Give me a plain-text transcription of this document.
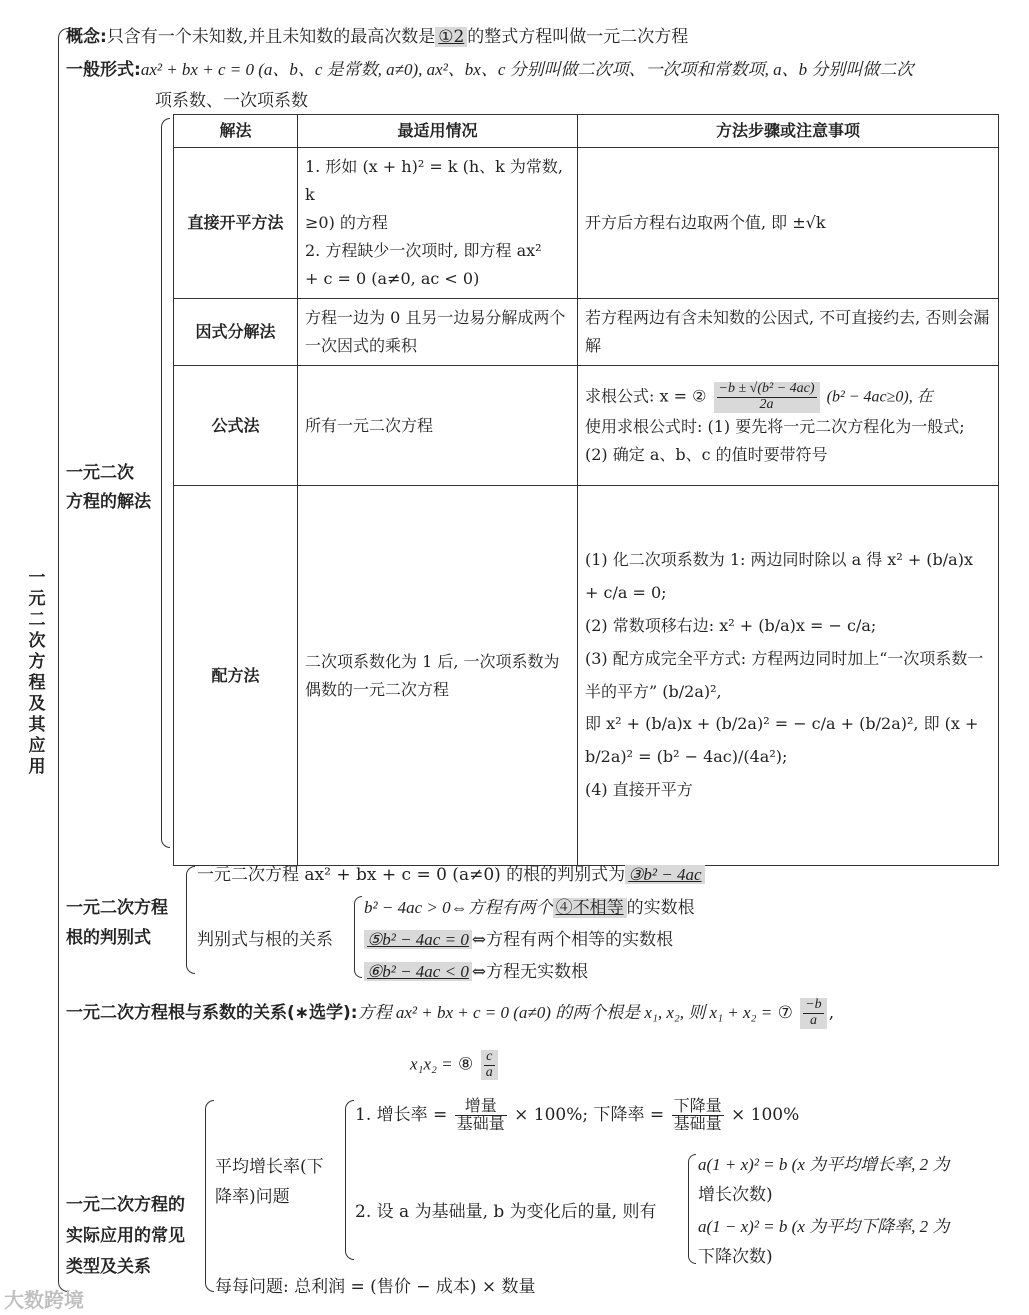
一元二次方程及其应用
概念:只含有一个未知数,并且未知数的最高次数是 ①2 的整式方程叫做一元二次方程
一般形式:ax² + bx + c = 0 (a、b、c 是常数, a≠0), ax²、bx、c 分别叫做二次项、一次项和常数项, a、b 分别叫做二次
项系数、一次项系数
一元二次
方程的解法
解法	最适用情况	方法步骤或注意事项
直接开平方法	1. 形如 (x + h)² = k (h、k 为常数, k
≥0) 的方程
2. 方程缺少一次项时, 即方程 ax²
+ c = 0 (a≠0, ac < 0)	开方后方程右边取两个值, 即 ±√k
因式分解法	方程一边为 0 且另一边易分解成两个一次因式的乘积	若方程两边有含未知数的公因式, 不可直接约去, 否则会漏解
公式法	所有一元二次方程	求根公式: x = ② $\frac{\text{−b ± √(b² − 4ac)}}{2a} (b^2 - 4ac\ge 0)$, 在
使用求根公式时: (1) 要先将一元二次方程化为一般式; (2) 确定 a、b、c 的值时要带符号

配方法	二次项系数化为 1 后, 一次项系数为偶数的一元二次方程	(1) 化二次项系数为 1: 两边同时除以 a 得 x² + (b/a)x + c/a = 0;
(2) 常数项移右边: x² + (b/a)x = − c/a;
(3) 配方成完全平方式: 方程两边同时加上“一次项系数一半的平方” (b/2a)²,
即 x² + (b/a)x + (b/2a)² = − c/a + (b/2a)², 即 (x + b/2a)² = (b² − 4ac)/(4a²);
(4) 直接开平方
一元二次方程
根的判别式
一元二次方程 ax² + bx + c = 0 (a≠0) 的根的判别式为 ③b² − 4ac
判别式与根的关系
b² − 4ac > 0⇔方程有两个 ④不相等 的实数根
⑤b² − 4ac = 0 ⇔方程有两个相等的实数根
⑥b² − 4ac < 0 ⇔方程无实数根
一元二次方程根与系数的关系(∗选学):方程 ax² + bx + c = 0 (a≠0) 的两个根是 x₁, x₂, 则 x₁ + x₂ = ⑦ $\frac{-b}{a}$ ,
x₁x₂ = ⑧ $\frac{c}{a}$
一元二次方程的
实际应用的常见
类型及关系
平均增长率(下
降率)问题
1. 增长率 = $\frac{\text{增量}}{\text{基础量}} \times 100\%$; 下降率 = $\frac{\text{下降量}}{\text{基础量}} \times 100\%$
2. 设 a 为基础量, b 为变化后的量, 则有
a(1 + x)² = b (x 为平均增长率, 2 为
增长次数)
a(1 − x)² = b (x 为平均下降率, 2 为
下降次数)
每每问题: 总利润 = (售价 − 成本) × 数量
大数跨境
